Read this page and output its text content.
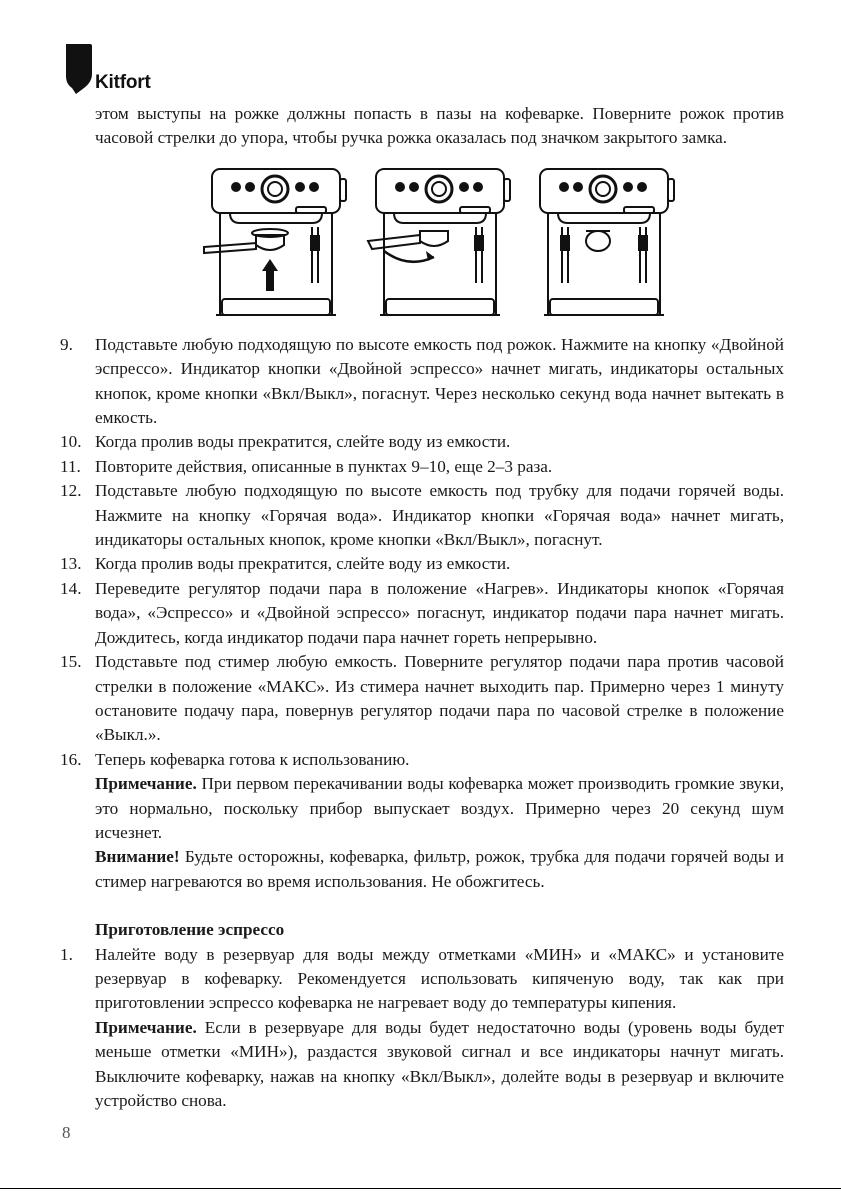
Kitfort

этом выступы на рожке должны попасть в пазы на кофеварке. Поверните рожок против часовой стрелки до упора, чтобы ручка рожка оказалась под значком закрытого замка.

9.	Подставьте любую подходящую по высоте емкость под рожок. Нажмите на кнопку «Двойной эспрессо». Индикатор кнопки «Двойной эспрессо» начнет мигать, индикаторы остальных кнопок, кроме кнопки «Вкл/Выкл», погаснут. Через несколько секунд вода начнет вытекать в емкость.
10. Когда пролив воды прекратится, слейте воду из емкости.
11. Повторите действия, описанные в пунктах 9–10, еще 2–3 раза.
12. Подставьте любую подходящую по высоте емкость под трубку для подачи горячей воды. Нажмите на кнопку «Горячая вода». Индикатор кнопки «Горячая вода» начнет мигать, индикаторы остальных кнопок, кроме кнопки «Вкл/Выкл», погаснут.
13. Когда пролив воды прекратится, слейте воду из емкости.
14. Переведите регулятор подачи пара в положение «Нагрев». Индикаторы кнопок «Горячая вода», «Эспрессо» и «Двойной эспрессо» погаснут, индикатор подачи пара начнет мигать. Дождитесь, когда индикатор подачи пара начнет гореть непрерывно.
15. Подставьте под стимер любую емкость. Поверните регулятор подачи пара против часовой стрелки в положение «МАКС». Из стимера начнет выходить пар. Примерно через 1 минуту остановите подачу пара, повернув регулятор подачи пара по часовой стрелке в положение «Выкл.».
16. Теперь кофеварка готова к использованию.

Примечание. При первом перекачивании воды кофеварка может производить громкие звуки, это нормально, поскольку прибор выпускает воздух. Примерно через 20 секунд шум исчезнет.

Внимание! Будьте осторожны, кофеварка, фильтр, рожок, трубка для подачи горячей воды и стимер нагреваются во время использования. Не обожгитесь.

Приготовление эспрессо
1.	Налейте воду в резервуар для воды между отметками «МИН» и «МАКС» и установите резервуар в кофеварку. Рекомендуется использовать кипяченую воду, так как при приготовлении эспрессо кофеварка не нагревает воду до температуры кипения.

Примечание. Если в резервуаре для воды будет недостаточно воды (уровень воды будет меньше отметки «МИН»), раздастся звуковой сигнал и все индикаторы начнут мигать. Выключите кофеварку, нажав на кнопку «Вкл/Выкл», долейте воды в резервуар и включите устройство снова.

8
